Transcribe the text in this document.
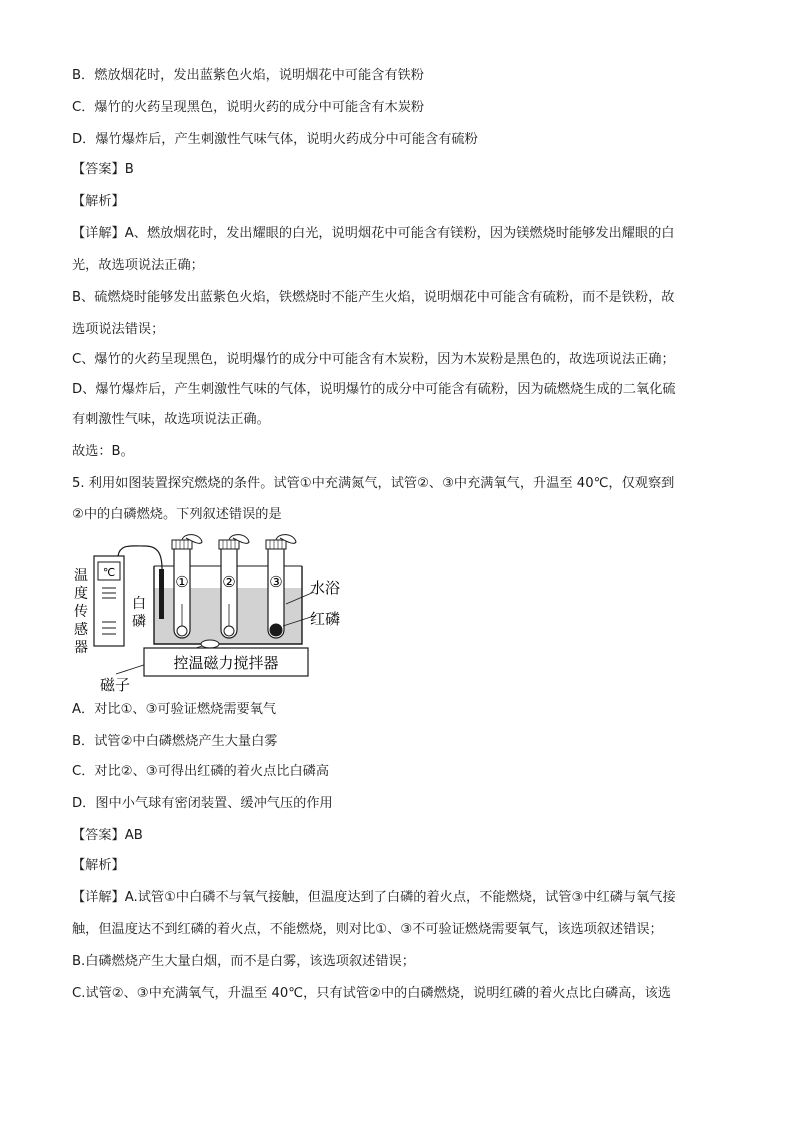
B．燃放烟花时，发出蓝紫色火焰，说明烟花中可能含有铁粉
C．爆竹的火药呈现黑色，说明火药的成分中可能含有木炭粉
D．爆竹爆炸后，产生刺激性气味气体，说明火药成分中可能含有硫粉
【答案】B
【解析】
【详解】A、燃放烟花时，发出耀眼的白光，说明烟花中可能含有镁粉，因为镁燃烧时能够发出耀眼的白
光，故选项说法正确；
B、硫燃烧时能够发出蓝紫色火焰，铁燃烧时不能产生火焰，说明烟花中可能含有硫粉，而不是铁粉，故
选项说法错误；
C、爆竹的火药呈现黑色，说明爆竹的成分中可能含有木炭粉，因为木炭粉是黑色的，故选项说法正确；
D、爆竹爆炸后，产生刺激性气味的气体，说明爆竹的成分中可能含有硫粉，因为硫燃烧生成的二氧化硫
有刺激性气味，故选项说法正确。
故选：B。
5. 利用如图装置探究燃烧的条件。试管①中充满氮气，试管②、③中充满氧气，升温至 40℃，仅观察到
②中的白磷燃烧。下列叙述错误的是
℃
温
度
传
感
器
白
磷
① ② ③ 水浴
红磷
磁子
控温磁力搅拌器
A．对比①、③可验证燃烧需要氧气
B．试管②中白磷燃烧产生大量白雾
C．对比②、③可得出红磷的着火点比白磷高
D．图中小气球有密闭装置、缓冲气压的作用
【答案】AB
【解析】
【详解】A.试管①中白磷不与氧气接触，但温度达到了白磷的着火点，不能燃烧，试管③中红磷与氧气接
触，但温度达不到红磷的着火点，不能燃烧，则对比①、③不可验证燃烧需要氧气，该选项叙述错误；
B.白磷燃烧产生大量白烟，而不是白雾，该选项叙述错误；
C.试管②、③中充满氧气，升温至 40℃，只有试管②中的白磷燃烧，说明红磷的着火点比白磷高，该选
